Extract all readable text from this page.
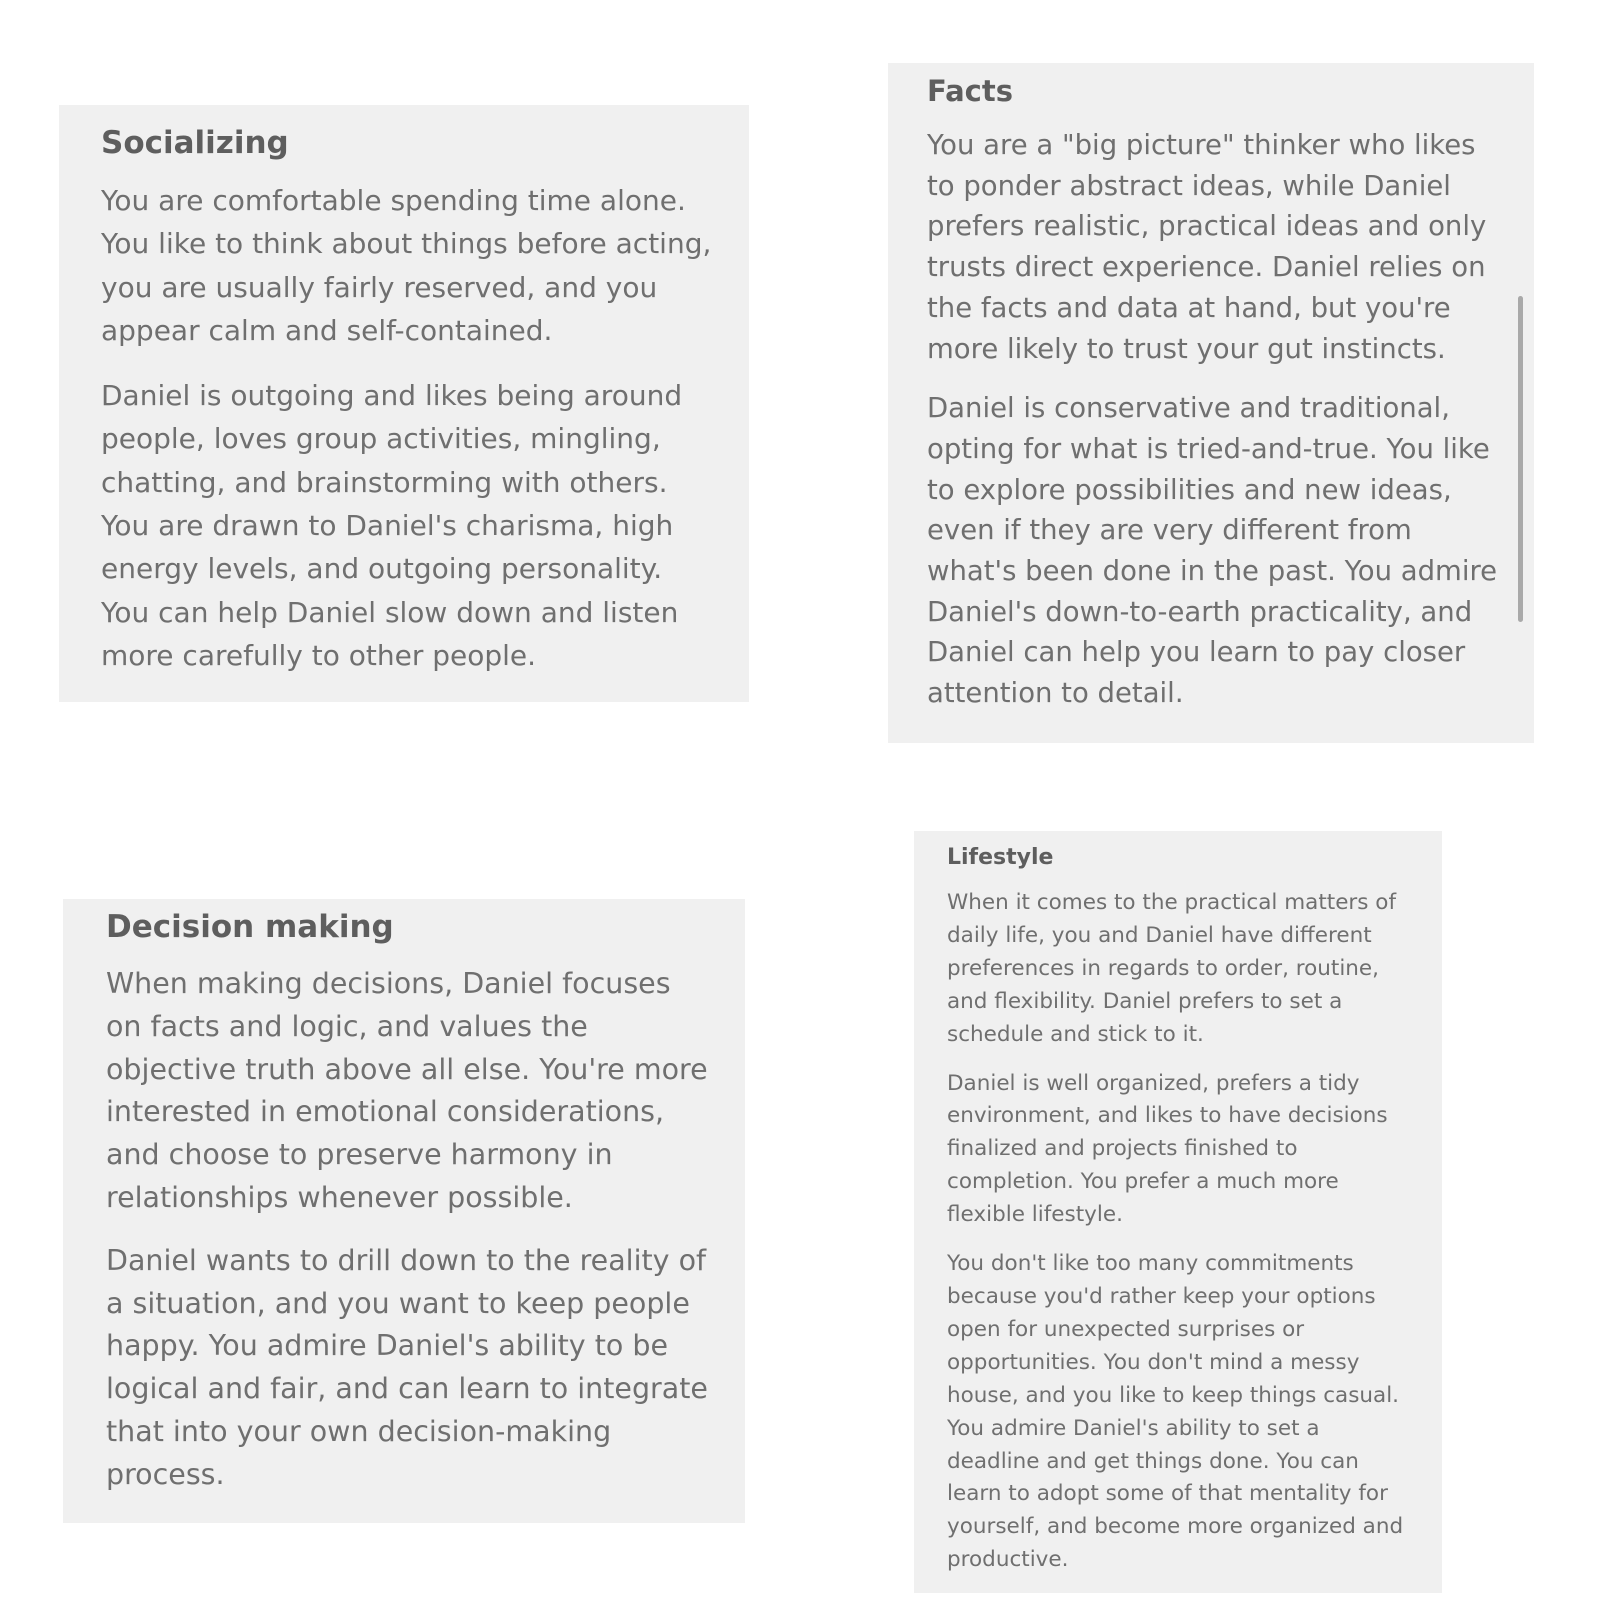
Socializing

You are comfortable spending time alone. You like to think about things before acting, you are usually fairly reserved, and you appear calm and self-contained.

Daniel is outgoing and likes being around people, loves group activities, mingling, chatting, and brainstorming with others. You are drawn to Daniel's charisma, high energy levels, and outgoing personality. You can help Daniel slow down and listen more carefully to other people.

Facts

You are a "big picture" thinker who likes to ponder abstract ideas, while Daniel prefers realistic, practical ideas and only trusts direct experience. Daniel relies on the facts and data at hand, but you're more likely to trust your gut instincts.

Daniel is conservative and traditional, opting for what is tried-and-true. You like to explore possibilities and new ideas, even if they are very different from what's been done in the past. You admire Daniel's down-to-earth practicality, and Daniel can help you learn to pay closer attention to detail.

Decision making

When making decisions, Daniel focuses on facts and logic, and values the objective truth above all else. You're more interested in emotional considerations, and choose to preserve harmony in relationships whenever possible.

Daniel wants to drill down to the reality of a situation, and you want to keep people happy. You admire Daniel's ability to be logical and fair, and can learn to integrate that into your own decision-making process.

Lifestyle

When it comes to the practical matters of daily life, you and Daniel have different preferences in regards to order, routine, and flexibility. Daniel prefers to set a schedule and stick to it.

Daniel is well organized, prefers a tidy environment, and likes to have decisions finalized and projects finished to completion. You prefer a much more flexible lifestyle.

You don't like too many commitments because you'd rather keep your options open for unexpected surprises or opportunities. You don't mind a messy house, and you like to keep things casual. You admire Daniel's ability to set a deadline and get things done. You can learn to adopt some of that mentality for yourself, and become more organized and productive.
